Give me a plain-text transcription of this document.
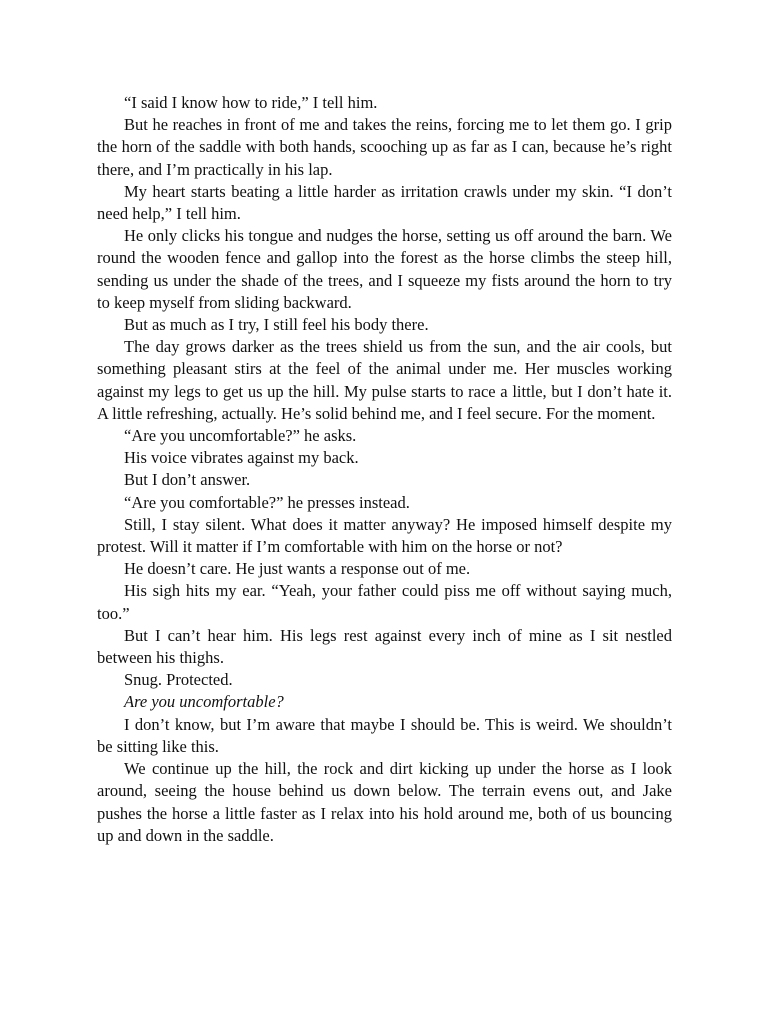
“I said I know how to ride,” I tell him.

But he reaches in front of me and takes the reins, forcing me to let them go. I grip the horn of the saddle with both hands, scooching up as far as I can, because he’s right there, and I’m practically in his lap.

My heart starts beating a little harder as irritation crawls under my skin. “I don’t need help,” I tell him.

He only clicks his tongue and nudges the horse, setting us off around the barn. We round the wooden fence and gallop into the forest as the horse climbs the steep hill, sending us under the shade of the trees, and I squeeze my fists around the horn to try to keep myself from sliding backward.

But as much as I try, I still feel his body there.

The day grows darker as the trees shield us from the sun, and the air cools, but something pleasant stirs at the feel of the animal under me. Her muscles working against my legs to get us up the hill. My pulse starts to race a little, but I don’t hate it. A little refreshing, actually. He’s solid behind me, and I feel secure. For the moment.

“Are you uncomfortable?” he asks.

His voice vibrates against my back.

But I don’t answer.

“Are you comfortable?” he presses instead.

Still, I stay silent. What does it matter anyway? He imposed himself despite my protest. Will it matter if I’m comfortable with him on the horse or not?

He doesn’t care. He just wants a response out of me.

His sigh hits my ear. “Yeah, your father could piss me off without saying much, too.”

But I can’t hear him. His legs rest against every inch of mine as I sit nestled between his thighs.

Snug. Protected.

Are you uncomfortable?

I don’t know, but I’m aware that maybe I should be. This is weird. We shouldn’t be sitting like this.

We continue up the hill, the rock and dirt kicking up under the horse as I look around, seeing the house behind us down below. The terrain evens out, and Jake pushes the horse a little faster as I relax into his hold around me, both of us bouncing up and down in the saddle.
